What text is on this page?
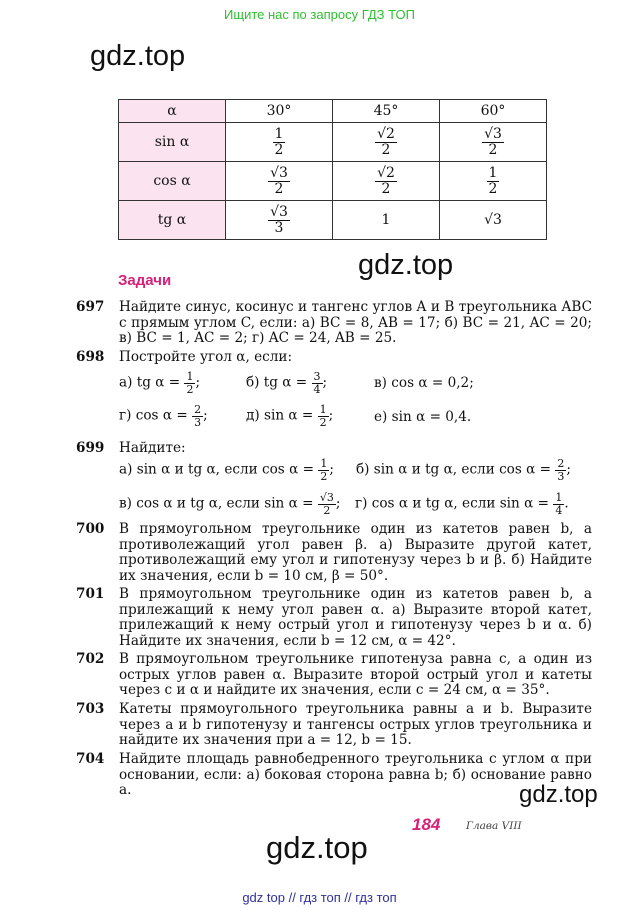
Ищите нас по запросу ГДЗ ТОП
gdz.top
α	30°	45°	60°
sin α	$\frac{1}{2}$	$\frac{√2}{2}$	$\frac{√3}{2}$

cos α	$\frac{√3}{2}$	$\frac{√2}{2}$	$\frac{1}{2}$

tg α	$\frac{√3}{3}$	1	√3
gdz.top
Задачи
697 Найдите синус, косинус и тангенс углов A и B треугольника ABC с прямым углом C, если: а) BC = 8, AB = 17; б) BC = 21, AC = 20; в) BC = 1, AC = 2; г) AC = 24, AB = 25.
698 Постройте угол α, если:
а) tg $\alpha = \frac{1}{2}$ ;	б) tg $\alpha = \frac{3}{4}$ ;	в) cos α = 0,2;
г) $\cos \alpha = \frac{2}{3}$ ;	д) $\sin \alpha = \frac{1}{2}$ ;	е) sin α = 0,4.
699 Найдите:
а) sin α и tg α, если $\cos \alpha = \frac{1}{2}$ ; б) sin α и tg α, если $\cos \alpha = \frac{2}{3}$ ;
в) cos α и tg α, если $\sin \alpha = \frac{√3}{2}$ ; г) cos α и tg α, если $\sin \alpha = \frac{1}{4}$ .
700 В прямоугольном треугольнике один из катетов равен b, а противолежащий угол равен β. а) Выразите другой катет, противолежащий ему угол и гипотенузу через b и β. б) Найдите их значения, если b = 10 см, β = 50°.
701 В прямоугольном треугольнике один из катетов равен b, а прилежащий к нему угол равен α. а) Выразите второй катет, прилежащий к нему острый угол и гипотенузу через b и α. б) Найдите их значения, если b = 12 см, α = 42°.
702 В прямоугольном треугольнике гипотенуза равна c, а один из острых углов равен α. Выразите второй острый угол и катеты через c и α и найдите их значения, если c = 24 см, α = 35°.
703 Катеты прямоугольного треугольника равны a и b. Выразите через a и b гипотенузу и тангенсы острых углов треугольника и найдите их значения при a = 12, b = 15.
704 Найдите площадь равнобедренного треугольника с углом α при основании, если: а) боковая сторона равна b; б) основание равно a.	gdz.top
184 Глава VIII
gdz.top
gdz top // гдз топ // гдз топ
